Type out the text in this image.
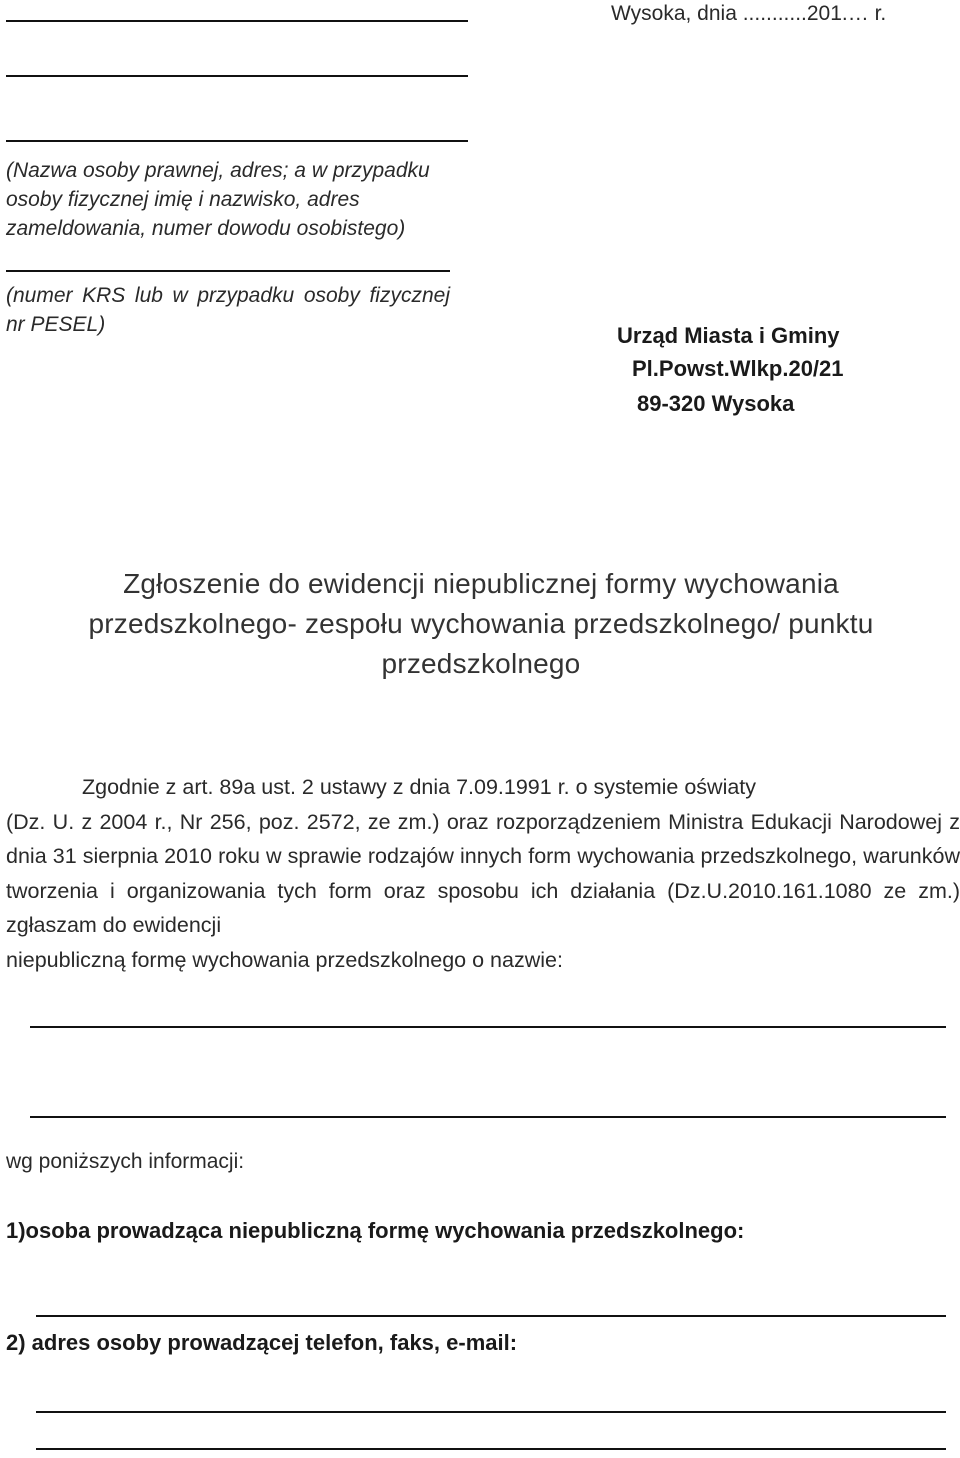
Wysoka, dnia ...........201.… r.
(Nazwa osoby prawnej, adres; a w przypadku osoby fizycznej imię i nazwisko, adres zameldowania, numer dowodu osobistego)
(numer KRS lub w przypadku osoby fizycznej nr PESEL)	Urząd Miasta i Gminy
Pl.Powst.Wlkp.20/21
89-320 Wysoka
Zgłoszenie do ewidencji niepublicznej formy wychowania przedszkolnego- zespołu wychowania przedszkolnego/ punktu przedszkolnego
Zgodnie z art. 89a ust. 2 ustawy z dnia 7.09.1991 r. o systemie oświaty
(Dz. U. z 2004 r., Nr 256, poz. 2572, ze zm.) oraz rozporządzeniem Ministra Edukacji Narodowej z dnia 31 sierpnia 2010 roku w sprawie rodzajów innych form wychowania przedszkolnego, warunków tworzenia i organizowania tych form oraz sposobu ich działania (Dz.U.2010.161.1080 ze zm.) zgłaszam do ewidencji
niepubliczną formę wychowania przedszkolnego o nazwie:
wg poniższych informacji:
1)osoba prowadząca niepubliczną formę wychowania przedszkolnego:
2) adres osoby prowadzącej telefon, faks, e-mail:
